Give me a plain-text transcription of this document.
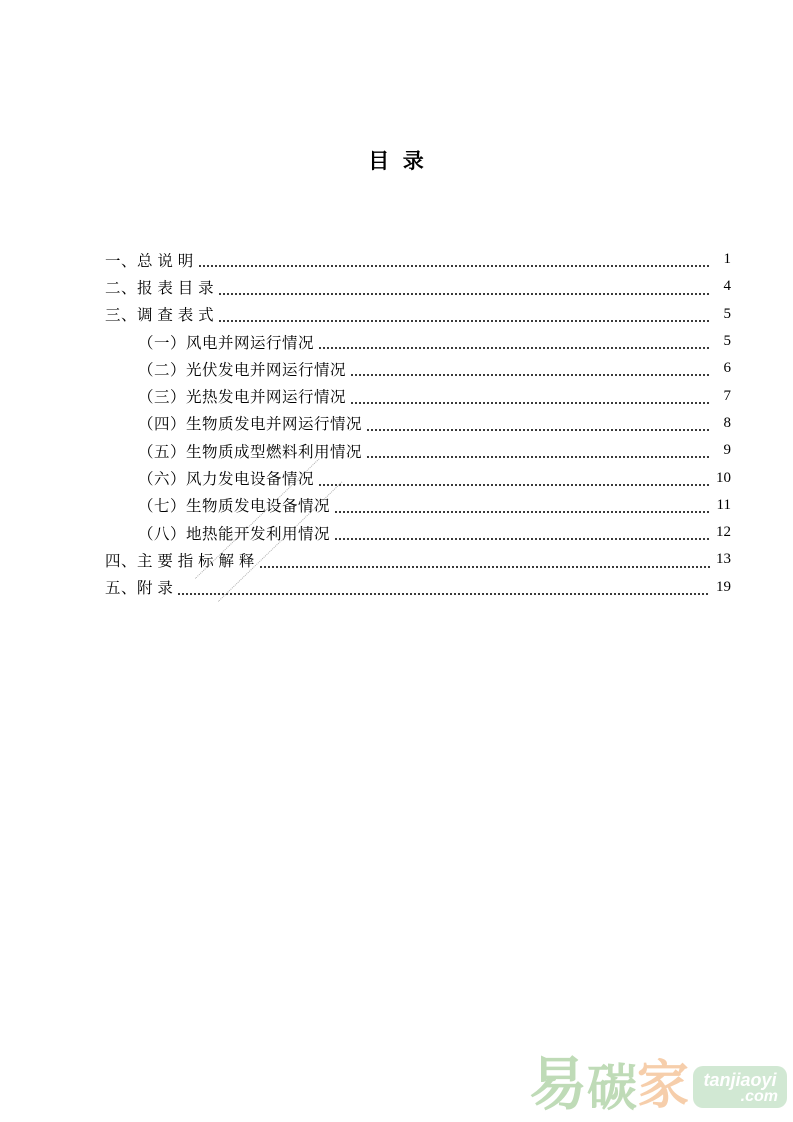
目  录
一、总 说 明	1
二、报 表 目 录	4
三、调 查 表 式	5
（一）风电并网运行情况	5
（二）光伏发电并网运行情况	6
（三）光热发电并网运行情况	7
（四）生物质发电并网运行情况	8
（五）生物质成型燃料利用情况	9
（六）风力发电设备情况	10
（七）生物质发电设备情况	11
（八）地热能开发利用情况	12
四、主 要 指 标 解 释	13
五、附 录	19
易 碳 家 tanjiaoyi
.com
